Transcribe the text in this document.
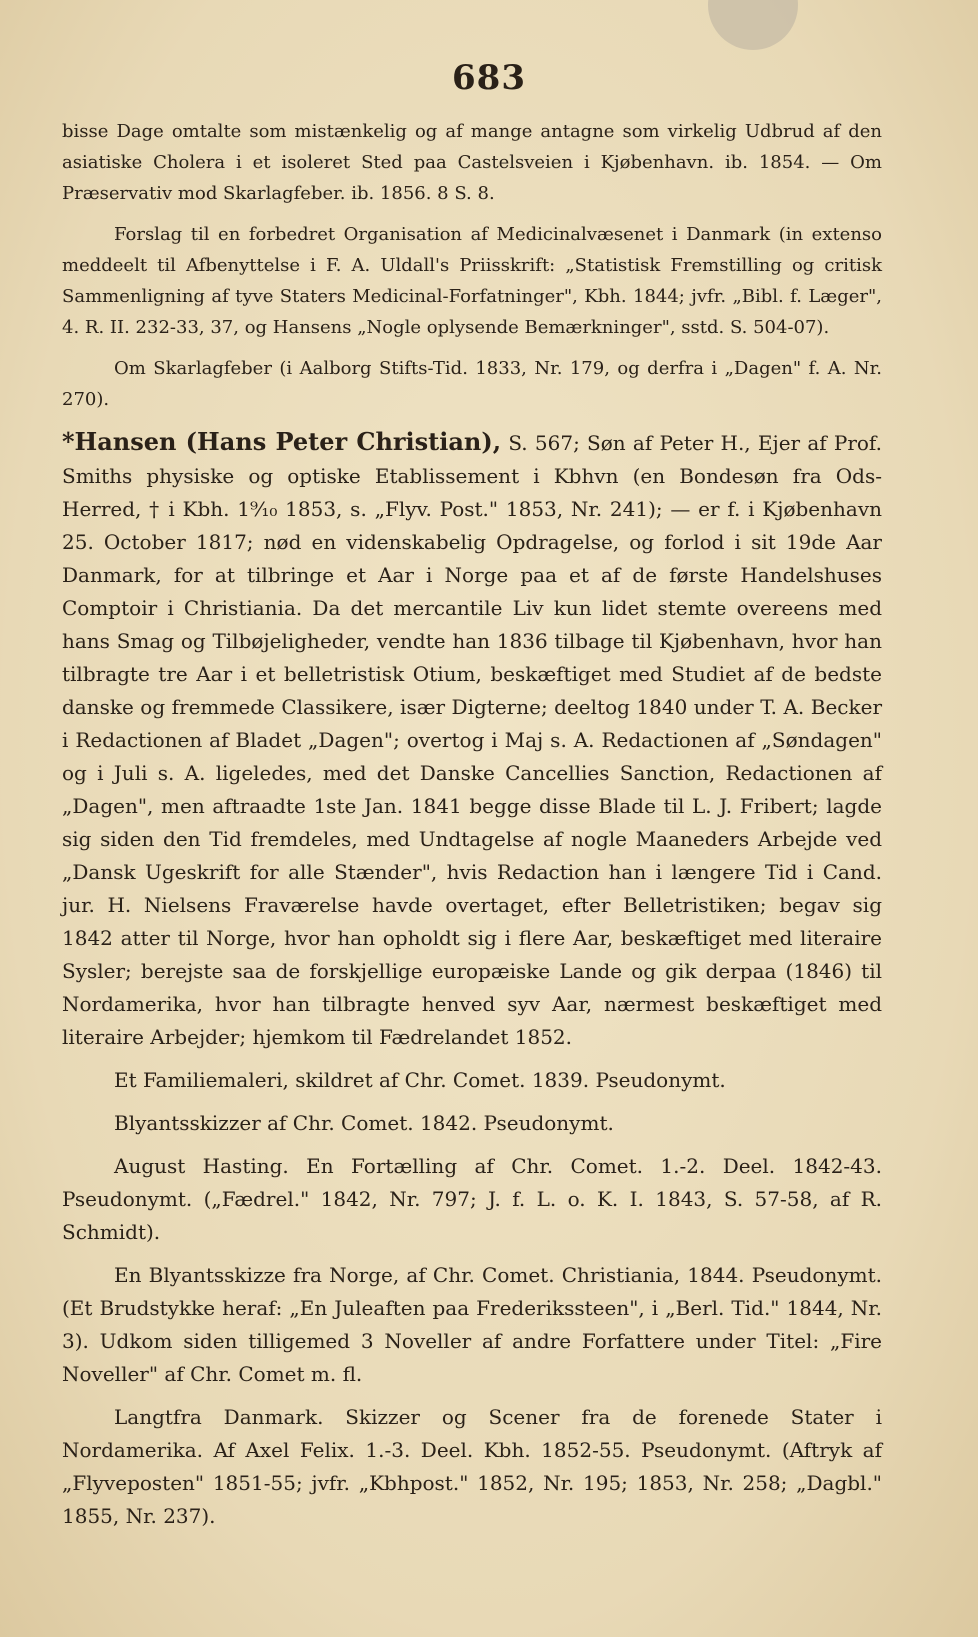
683

bisse Dage omtalte som mistænkelig og af mange antagne som virkelig Udbrud af den asiatiske Cholera i et isoleret Sted paa Castelsveien i Kjøbenhavn. ib. 1854. — Om Præservativ mod Skarlagfeber. ib. 1856. 8 S. 8.

Forslag til en forbedret Organisation af Medicinalvæsenet i Danmark (in extenso meddeelt til Afbenyttelse i F. A. Uldall's Priisskrift: „Statistisk Fremstilling og critisk Sammenligning af tyve Staters Medicinal-Forfatninger", Kbh. 1844; jvfr. „Bibl. f. Læger", 4. R. II. 232-33, 37, og Hansens „Nogle oplysende Bemærkninger", sstd. S. 504-07).

Om Skarlagfeber (i Aalborg Stifts-Tid. 1833, Nr. 179, og derfra i „Dagen" f. A. Nr. 270).

*Hansen (Hans Peter Christian), S. 567; Søn af Peter H., Ejer af Prof. Smiths physiske og optiske Etablissement i Kbhvn (en Bondesøn fra Ods-Herred, † i Kbh. 1⁹⁄₁₀ 1853, s. „Flyv. Post." 1853, Nr. 241); — er f. i Kjøbenhavn 25. October 1817; nød en videnskabelig Opdragelse, og forlod i sit 19de Aar Danmark, for at tilbringe et Aar i Norge paa et af de første Handelshuses Comptoir i Christiania. Da det mercantile Liv kun lidet stemte overeens med hans Smag og Tilbøjeligheder, vendte han 1836 tilbage til Kjøbenhavn, hvor han tilbragte tre Aar i et belletristisk Otium, beskæftiget med Studiet af de bedste danske og fremmede Classikere, især Digterne; deeltog 1840 under T. A. Becker i Redactionen af Bladet „Dagen"; overtog i Maj s. A. Redactionen af „Søndagen" og i Juli s. A. ligeledes, med det Danske Cancellies Sanction, Redactionen af „Dagen", men aftraadte 1ste Jan. 1841 begge disse Blade til L. J. Fribert; lagde sig siden den Tid fremdeles, med Undtagelse af nogle Maaneders Arbejde ved „Dansk Ugeskrift for alle Stænder", hvis Redaction han i længere Tid i Cand. jur. H. Nielsens Fraværelse havde overtaget, efter Belletristiken; begav sig 1842 atter til Norge, hvor han opholdt sig i flere Aar, beskæftiget med literaire Sysler; berejste saa de forskjellige europæiske Lande og gik derpaa (1846) til Nordamerika, hvor han tilbragte henved syv Aar, nærmest beskæftiget med literaire Arbejder; hjemkom til Fædrelandet 1852.

Et Familiemaleri, skildret af Chr. Comet. 1839. Pseudonymt.

Blyantsskizzer af Chr. Comet. 1842. Pseudonymt.

August Hasting. En Fortælling af Chr. Comet. 1.-2. Deel. 1842-43. Pseudonymt. („Fædrel." 1842, Nr. 797; J. f. L. o. K. I. 1843, S. 57-58, af R. Schmidt).

En Blyantsskizze fra Norge, af Chr. Comet. Christiania, 1844. Pseudonymt. (Et Brudstykke heraf: „En Juleaften paa Frederikssteen", i „Berl. Tid." 1844, Nr. 3). Udkom siden tilligemed 3 Noveller af andre Forfattere under Titel: „Fire Noveller" af Chr. Comet m. fl.

Langtfra Danmark. Skizzer og Scener fra de forenede Stater i Nordamerika. Af Axel Felix. 1.-3. Deel. Kbh. 1852-55. Pseudonymt. (Aftryk af „Flyveposten" 1851-55; jvfr. „Kbhpost." 1852, Nr. 195; 1853, Nr. 258; „Dagbl." 1855, Nr. 237).
